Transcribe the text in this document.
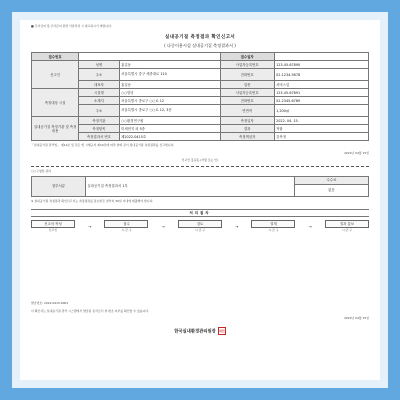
■ 주거급여 및 주거급여 관련 서류작성 시 참고하시기 바랍니다.
실내공기질 측정결과 확인신고서
( 다중이용시설 실내공기질 측정결과서 )
접수번호			접수일자	
신고인	성명	홍길동	사업자등록번호	123-45-67890
	주소	서울특별시 중구 세종대로 110	전화번호	02-1234-5678
	대표자	홍길동	업종	서비스업
측정대상 시설	시설명	○○빌딩	사업자등록번호	123-45-67891
	소재지	서울특별시 종로구 ○○로 12	전화번호	02-2345-6789
	주소	서울특별시 종로구 ○○로 12, 3층	연면적	1,200㎡
실내공기질 측정기관 및 측정내용	측정기관	○○환경연구원	측정일자	2022. 04. 15.
	측정항목	미세먼지 외 5종	결과	적합
	측정결과서 번호	제2022-0415호	측정책임자	김측정
「실내공기질 관리법」 제12조 및 같은 법 시행규칙 제10조에 따라 위와 같이 실내공기질 측정결과를 신고합니다.
2022년 04월 15일
신고인 홍길동 (서명 또는 인)
○○구청장 귀하
첨부서류	실내공기질 측정결과서 1부	수수료
없음
※ 실내공기질 측정결과 확인신고서는 측정결과를 통보받은 날부터 30일 이내에 제출해야 합니다.
처리절차
신고서 작성
신고인
→	접수
시·군·구
→	검토
시·군·구
→	결재
시·군·구
→	결과 통보
시·군·구
발급번호: 2022-0415-0001
이 확인서는 실내공기질 관리 시스템에서 발급된 문서로서 위·변조 여부를 확인할 수 있습니다.
2022년 04월 15일
한국실내환경관리원장 직인
